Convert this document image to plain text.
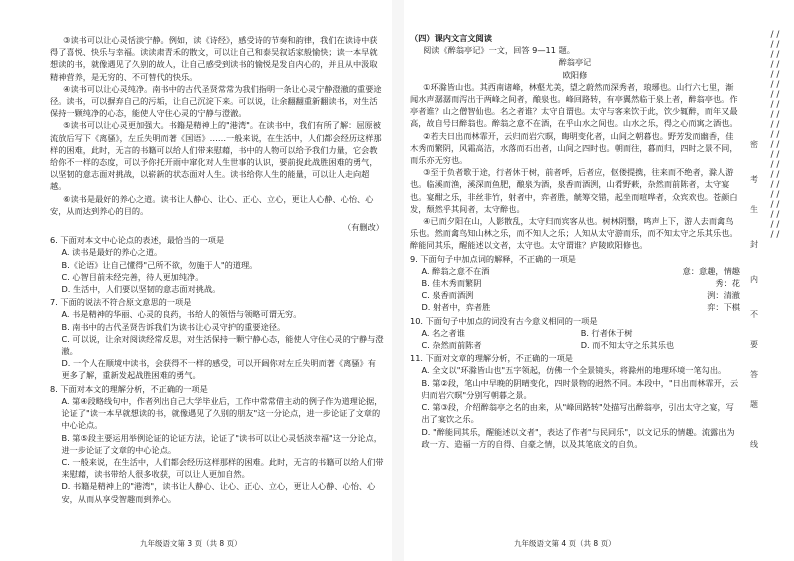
③读书可以让心灵恬淡宁静。例如，读《诗经》，感受诗的节奏和韵律，我们在读诗中获得了喜悦、快乐与幸福。读读肃青禾的散文，可以让自己和泰吴叙话家般愉快；读一本早就想读的书，就像遇见了久别的故人，让自己感受到读书的愉悦是发自内心的，并且从中汲取精神营养，是无穷的、不可替代的快乐。

④读书可以让心灵纯净。南书中的古代圣贤常常为我们指明一条让心灵宁静澄澈的重要途径。读书，可以摒弃自己的污垢，让自己沉淀下来。可以说，让余翻翻重新翻读书，对生活保持一颗纯净的心态，能使人守住心灵的宁静与澄澈。

⑤读书可以让心灵更加强大。书籍是精神上的"港湾"。在读书中，我们有所了解：屈原被流放后写下《离骚》，左丘失明而著《国语》……一般来说，在生活中，人们都会经历这样那样的困难，此时，无言的书籍可以给人们带来慰藉，书中的人物可以给予我们力量，它会教给你不一样的态度，可以予你托开雨中窜化对人生世事的认识，要前捉此战胜困难的勇气，以坚韧的意志面对挑战，以崭新的状态面对人生。读书给你人生的能量，可以让人走向超越。

⑥读书是最好的养心之道。读书让人静心、让心、正心、立心，更让人心静、心怡、心安，从而达到养心的目的。

（有删改）

6. 下面对本文中心论点的表述，最恰当的一项是

A. 读书是最好的养心之道。

B.《论语》让自己懂得"己所不欲，勿施于人"的道理。

C. 心智目前未经完善，待人更加纯净。

D. 生活中，人们要以坚韧的意志面对挑战。

7. 下面的说法不符合原文意思的一项是

A. 书是精神的华丽、心灵的良药，书给人的领悟与领略可谓无穷。

B. 南书中的古代圣贤告诉我们为读书让心灵守护的重要途径。

C. 可以说，让余对阅读经常反思，对生活保持一颗宁静心态，能使人守住心灵的宁静与澄澈。

D. 一个人在顺境中读书，会获得不一样的感受，可以开阔你对左丘失明而著《离骚》有更多了解，重新发起战胜困难的勇气。

8. 下面对本文的理解分析，不正确的一项是

A. 第④段略线句中，作者列出自己大学毕业后，工作中常常借主动的例子作为道理论据，论证了"读一本早就想读的书，就像遇见了久别的朋友"这一分论点，进一步论证了文章的中心论点。

B. 第⑤段主要运用举例论证的论证方法，论证了"读书可以让心灵恬淡幸福"这一分论点，进一步论证了文章的中心论点。

C. 一般来说，在生活中，人们都会经历这样那样的困难。此时，无言的书籍可以给人们带来慰藉，读书带给人很多收获，可以让人更加自然。

D. 书籍是精神上的"港湾"，读书让人静心、让心、正心、立心，更让人心静、心怡、心安，从而从享受智趣而到养心。

九年级语文第 3 页（共 8 页）

（四）课内文言文阅读

阅读《醉翁亭记》一文，回答 9—11 题。

醉翁亭记

欧阳修

①环滁皆山也。其西南诸峰，林壑尤美，望之蔚然而深秀者，琅琊也。山行六七里，渐闻水声潺潺而泻出于两峰之间者，酿泉也。峰回路转，有亭翼然临于泉上者，醉翁亭也。作亭者谁？山之僧智仙也。名之者谁？太守自谓也。太守与客来饮于此，饮少辄醉，而年又最高，故自号曰醉翁也。醉翁之意不在酒，在乎山水之间也。山水之乐，得之心而寓之酒也。

②若夫日出而林霏开，云归而岩穴暝，晦明变化者，山间之朝暮也。野芳发而幽香，佳木秀而繁阴，风霜高洁，水落而石出者，山间之四时也。朝而往，暮而归，四时之景不同，而乐亦无穷也。

③至于负者歌于途，行者休于树，前者呼，后者应，伛偻提携，往来而不绝者，滁人游也。临溪而渔，溪深而鱼肥，酿泉为酒，泉香而酒洌，山肴野蔌，杂然而前陈者，太守宴也。宴酣之乐，非丝非竹，射者中，弈者胜，觥筹交错，起坐而喧哗者，众宾欢也。苍颜白发，颓然乎其间者，太守醉也。

④已而夕阳在山，人影散乱，太守归而宾客从也。树林阴翳，鸣声上下，游人去而禽鸟乐也。然而禽鸟知山林之乐，而不知人之乐；人知从太守游而乐，而不知太守之乐其乐也。醉能同其乐，醒能述以文者，太守也。太守谓谁？庐陵欧阳修也。

9. 下面句子中加点词的解释，不正确的一项是

A. 醉翁之意不在酒	意：意趣，情趣
B. 佳木秀而繁阴	秀：花
C. 泉香而酒洌	洌：清澈
D. 射者中，弈者胜	弈：下棋

10. 下面句子中加点的词没有古今意义相同的一项是

A. 名之者谁	B. 行者休于树
C. 杂然而前陈者	D. 而不知太守之乐其乐也

11. 下面对文章的理解分析，不正确的一项是

A. 全文以"环滁皆山也"五字领起，仿佛一个全景镜头，将滁州的地理环境一笔勾出。

B. 第②段，笔山中早晚的阴晴变化，四时景物的迥然不同。本段中，"日出而林霏开，云归而岩穴暝"分别写朝暮之景。

C. 第③段，介绍醉翁亭之名的由来，从"峰回路转"处描写出醉翁亭，引出太守之宴，写出了宴饮之乐。

D. "醉能同其乐，醒能述以文者"，表达了作者"与民同乐"，以文记乐的情趣。流露出为政一方、造福一方的自得、自豪之情，以及其笔底文的自负。

九年级语文第 4 页（共 8 页）
/ / / / / / / / / / / / / / / / / / / / / / / / / / / / / / / / / / / / / / / / / /
密
考
生
封
内
不
要
答
题
线
